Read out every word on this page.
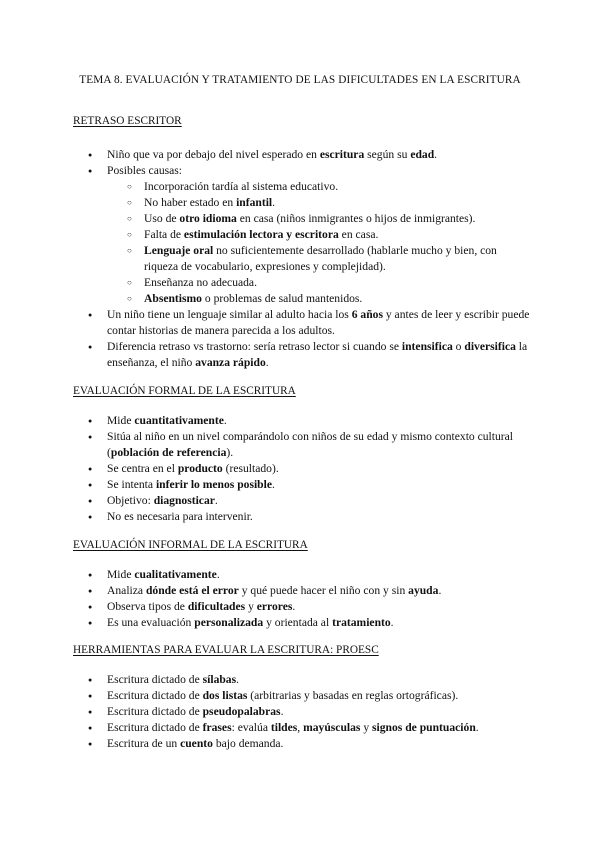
TEMA 8. EVALUACIÓN Y TRATAMIENTO DE LAS DIFICULTADES EN LA ESCRITURA
RETRASO ESCRITOR
● Niño que va por debajo del nivel esperado en escritura según su edad.
● Posibles causas:
○ Incorporación tardía al sistema educativo.
○ No haber estado en infantil.
○ Uso de otro idioma en casa (niños inmigrantes o hijos de inmigrantes).
○ Falta de estimulación lectora y escritora en casa.
○ Lenguaje oral no suficientemente desarrollado (hablarle mucho y bien, con riqueza de vocabulario, expresiones y complejidad).
○ Enseñanza no adecuada.
○ Absentismo o problemas de salud mantenidos.
● Un niño tiene un lenguaje similar al adulto hacia los 6 años y antes de leer y escribir puede contar historias de manera parecida a los adultos.
● Diferencia retraso vs trastorno: sería retraso lector si cuando se intensifica o diversifica la enseñanza, el niño avanza rápido.
EVALUACIÓN FORMAL DE LA ESCRITURA
● Mide cuantitativamente.
● Sitúa al niño en un nivel comparándolo con niños de su edad y mismo contexto cultural (población de referencia).
● Se centra en el producto (resultado).
● Se intenta inferir lo menos posible.
● Objetivo: diagnosticar.
● No es necesaria para intervenir.
EVALUACIÓN INFORMAL DE LA ESCRITURA
● Mide cualitativamente.
● Analiza dónde está el error y qué puede hacer el niño con y sin ayuda.
● Observa tipos de dificultades y errores.
● Es una evaluación personalizada y orientada al tratamiento.
HERRAMIENTAS PARA EVALUAR LA ESCRITURA: PROESC
● Escritura dictado de sílabas.
● Escritura dictado de dos listas (arbitrarias y basadas en reglas ortográficas).
● Escritura dictado de pseudopalabras.
● Escritura dictado de frases: evalúa tildes, mayúsculas y signos de puntuación.
● Escritura de un cuento bajo demanda.
